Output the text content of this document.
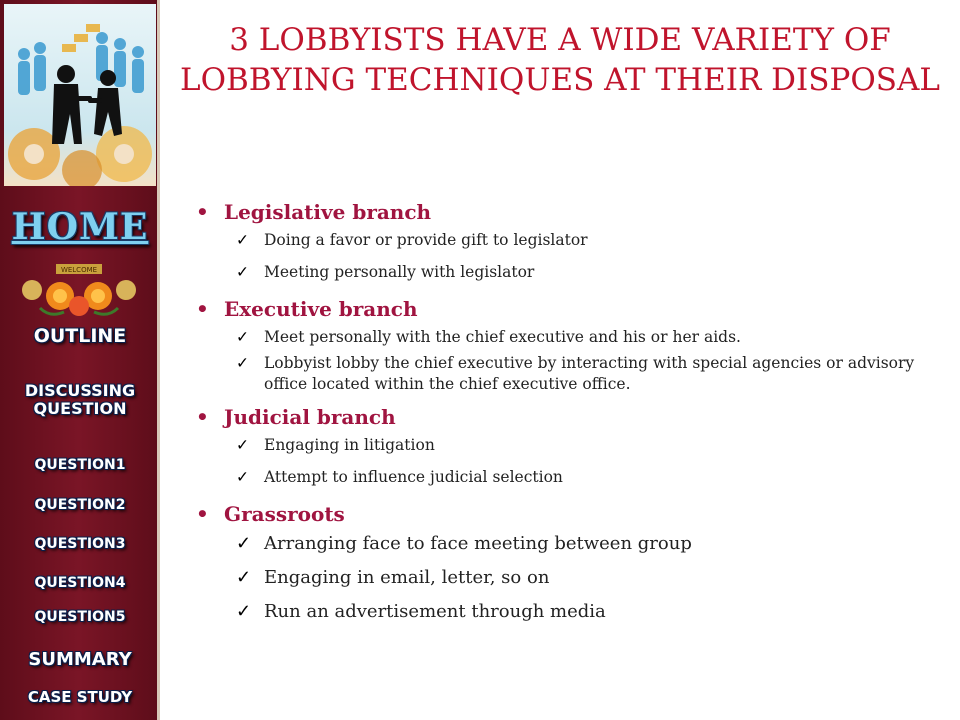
HOME
WELCOME
OUTLINE
DISCUSSING QUESTION
QUESTION1
QUESTION2
QUESTION3
QUESTION4
QUESTION5
SUMMARY
CASE STUDY
3 LOBBYISTS HAVE A WIDE VARIETY OF LOBBYING TECHNIQUES AT THEIR DISPOSAL
• Legislative branch
✓ Doing a favor or provide gift to legislator
✓ Meeting personally with legislator
• Executive branch
✓ Meet personally with the chief executive and his or her aids.
✓ Lobbyist lobby the chief executive by interacting with special agencies or advisory office located within the chief executive office.
• Judicial branch
✓ Engaging in litigation
✓ Attempt to influence judicial selection
• Grassroots
✓ Arranging face to face meeting between group
✓ Engaging in email, letter, so on
✓ Run an advertisement through media
